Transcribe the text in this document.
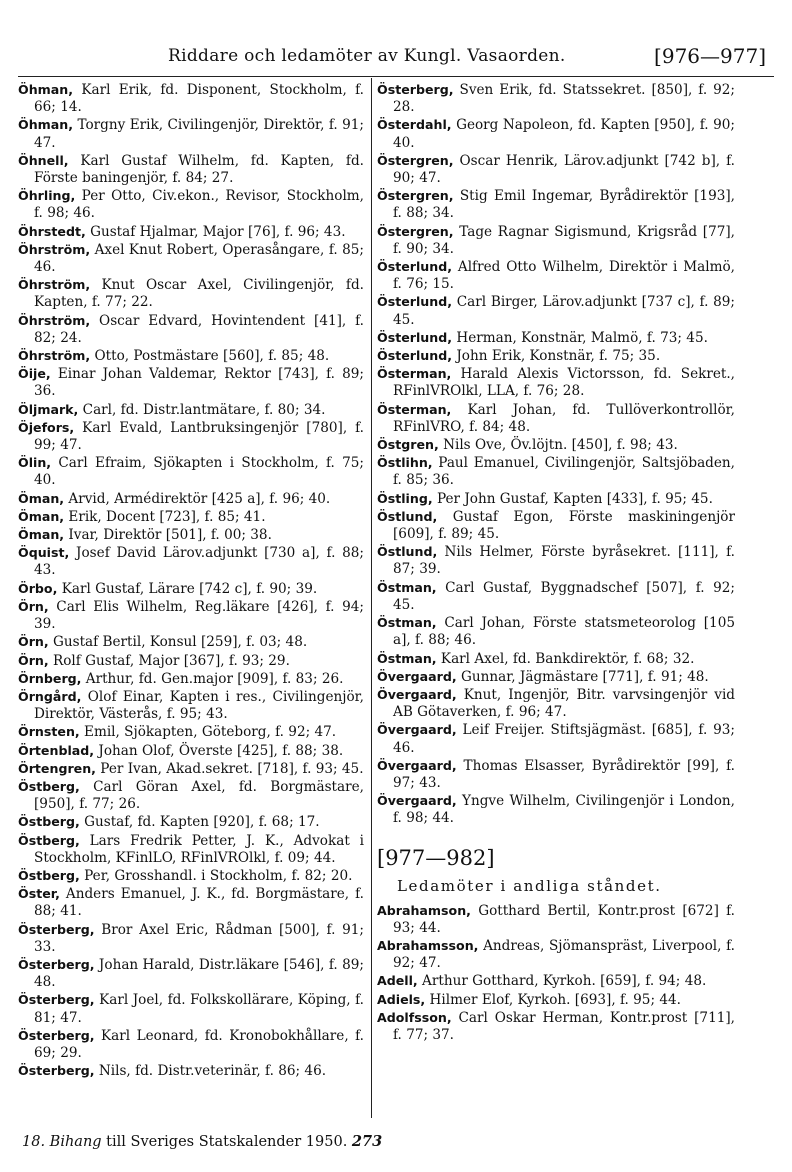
Riddare och ledamöter av Kungl. Vasaorden.	[976—977]

Öhman, Karl Erik, fd. Disponent, Stockholm, f. 66; 14.

Öhman, Torgny Erik, Civilingenjör, Direktör, f. 91; 47.

Öhnell, Karl Gustaf Wilhelm, fd. Kapten, fd. Förste baningenjör, f. 84; 27.

Öhrling, Per Otto, Civ.ekon., Revisor, Stockholm, f. 98; 46.

Öhrstedt, Gustaf Hjalmar, Major [76], f. 96; 43.

Öhrström, Axel Knut Robert, Operasångare, f. 85; 46.

Öhrström, Knut Oscar Axel, Civilingenjör, fd. Kapten, f. 77; 22.

Öhrström, Oscar Edvard, Hovintendent [41], f. 82; 24.

Öhrström, Otto, Postmästare [560], f. 85; 48.

Öije, Einar Johan Valdemar, Rektor [743], f. 89; 36.

Öljmark, Carl, fd. Distr.lantmätare, f. 80; 34.

Öjefors, Karl Evald, Lantbruksingenjör [780], f. 99; 47.

Ölin, Carl Efraim, Sjökapten i Stockholm, f. 75; 40.

Öman, Arvid, Armédirektör [425 a], f. 96; 40.

Öman, Erik, Docent [723], f. 85; 41.

Öman, Ivar, Direktör [501], f. 00; 38.

Öquist, Josef David Lärov.adjunkt [730 a], f. 88; 43.

Örbo, Karl Gustaf, Lärare [742 c], f. 90; 39.

Örn, Carl Elis Wilhelm, Reg.läkare [426], f. 94; 39.

Örn, Gustaf Bertil, Konsul [259], f. 03; 48.

Örn, Rolf Gustaf, Major [367], f. 93; 29.

Örnberg, Arthur, fd. Gen.major [909], f. 83; 26.

Örngård, Olof Einar, Kapten i res., Civilingenjör, Direktör, Västerås, f. 95; 43.

Örnsten, Emil, Sjökapten, Göteborg, f. 92; 47.

Örtenblad, Johan Olof, Överste [425], f. 88; 38.

Örtengren, Per Ivan, Akad.sekret. [718], f. 93; 45.

Östberg, Carl Göran Axel, fd. Borgmästare, [950], f. 77; 26.

Östberg, Gustaf, fd. Kapten [920], f. 68; 17.

Östberg, Lars Fredrik Petter, J. K., Advokat i Stockholm, KFinlLO, RFinlVROlkl, f. 09; 44.

Östberg, Per, Grosshandl. i Stockholm, f. 82; 20.

Öster, Anders Emanuel, J. K., fd. Borgmästare, f. 88; 41.

Österberg, Bror Axel Eric, Rådman [500], f. 91; 33.

Österberg, Johan Harald, Distr.läkare [546], f. 89; 48.

Österberg, Karl Joel, fd. Folkskollärare, Köping, f. 81; 47.

Österberg, Karl Leonard, fd. Kronobokhållare, f. 69; 29.

Österberg, Nils, fd. Distr.veterinär, f. 86; 46.

Österberg, Sven Erik, fd. Statssekret. [850], f. 92; 28.

Österdahl, Georg Napoleon, fd. Kapten [950], f. 90; 40.

Östergren, Oscar Henrik, Lärov.adjunkt [742 b], f. 90; 47.

Östergren, Stig Emil Ingemar, Byrådirektör [193], f. 88; 34.

Östergren, Tage Ragnar Sigismund, Krigsråd [77], f. 90; 34.

Österlund, Alfred Otto Wilhelm, Direktör i Malmö, f. 76; 15.

Österlund, Carl Birger, Lärov.adjunkt [737 c], f. 89; 45.

Österlund, Herman, Konstnär, Malmö, f. 73; 45.

Österlund, John Erik, Konstnär, f. 75; 35.

Österman, Harald Alexis Victorsson, fd. Sekret., RFinlVROlkl, LLA, f. 76; 28.

Österman, Karl Johan, fd. Tullöverkontrollör, RFinlVRO, f. 84; 48.

Östgren, Nils Ove, Öv.löjtn. [450], f. 98; 43.

Östlihn, Paul Emanuel, Civilingenjör, Saltsjöbaden, f. 85; 36.

Östling, Per John Gustaf, Kapten [433], f. 95; 45.

Östlund, Gustaf Egon, Förste maskiningenjör [609], f. 89; 45.

Östlund, Nils Helmer, Förste byråsekret. [111], f. 87; 39.

Östman, Carl Gustaf, Byggnadschef [507], f. 92; 45.

Östman, Carl Johan, Förste statsmeteorolog [105 a], f. 88; 46.

Östman, Karl Axel, fd. Bankdirektör, f. 68; 32.

Övergaard, Gunnar, Jägmästare [771], f. 91; 48.

Övergaard, Knut, Ingenjör, Bitr. varvsingenjör vid AB Götaverken, f. 96; 47.

Övergaard, Leif Freijer. Stiftsjägmäst. [685], f. 93; 46.

Övergaard, Thomas Elsasser, Byrådirektör [99], f. 97; 43.

Övergaard, Yngve Wilhelm, Civilingenjör i London, f. 98; 44.

[977—982]
Ledamöter i andliga ståndet.

Abrahamson, Gotthard Bertil, Kontr.prost [672] f. 93; 44.

Abrahamsson, Andreas, Sjömanspräst, Liverpool, f. 92; 47.

Adell, Arthur Gotthard, Kyrkoh. [659], f. 94; 48.

Adiels, Hilmer Elof, Kyrkoh. [693], f. 95; 44.

Adolfsson, Carl Oskar Herman, Kontr.prost [711], f. 77; 37.

18. Bihang till Sveriges Statskalender 1950. 273
